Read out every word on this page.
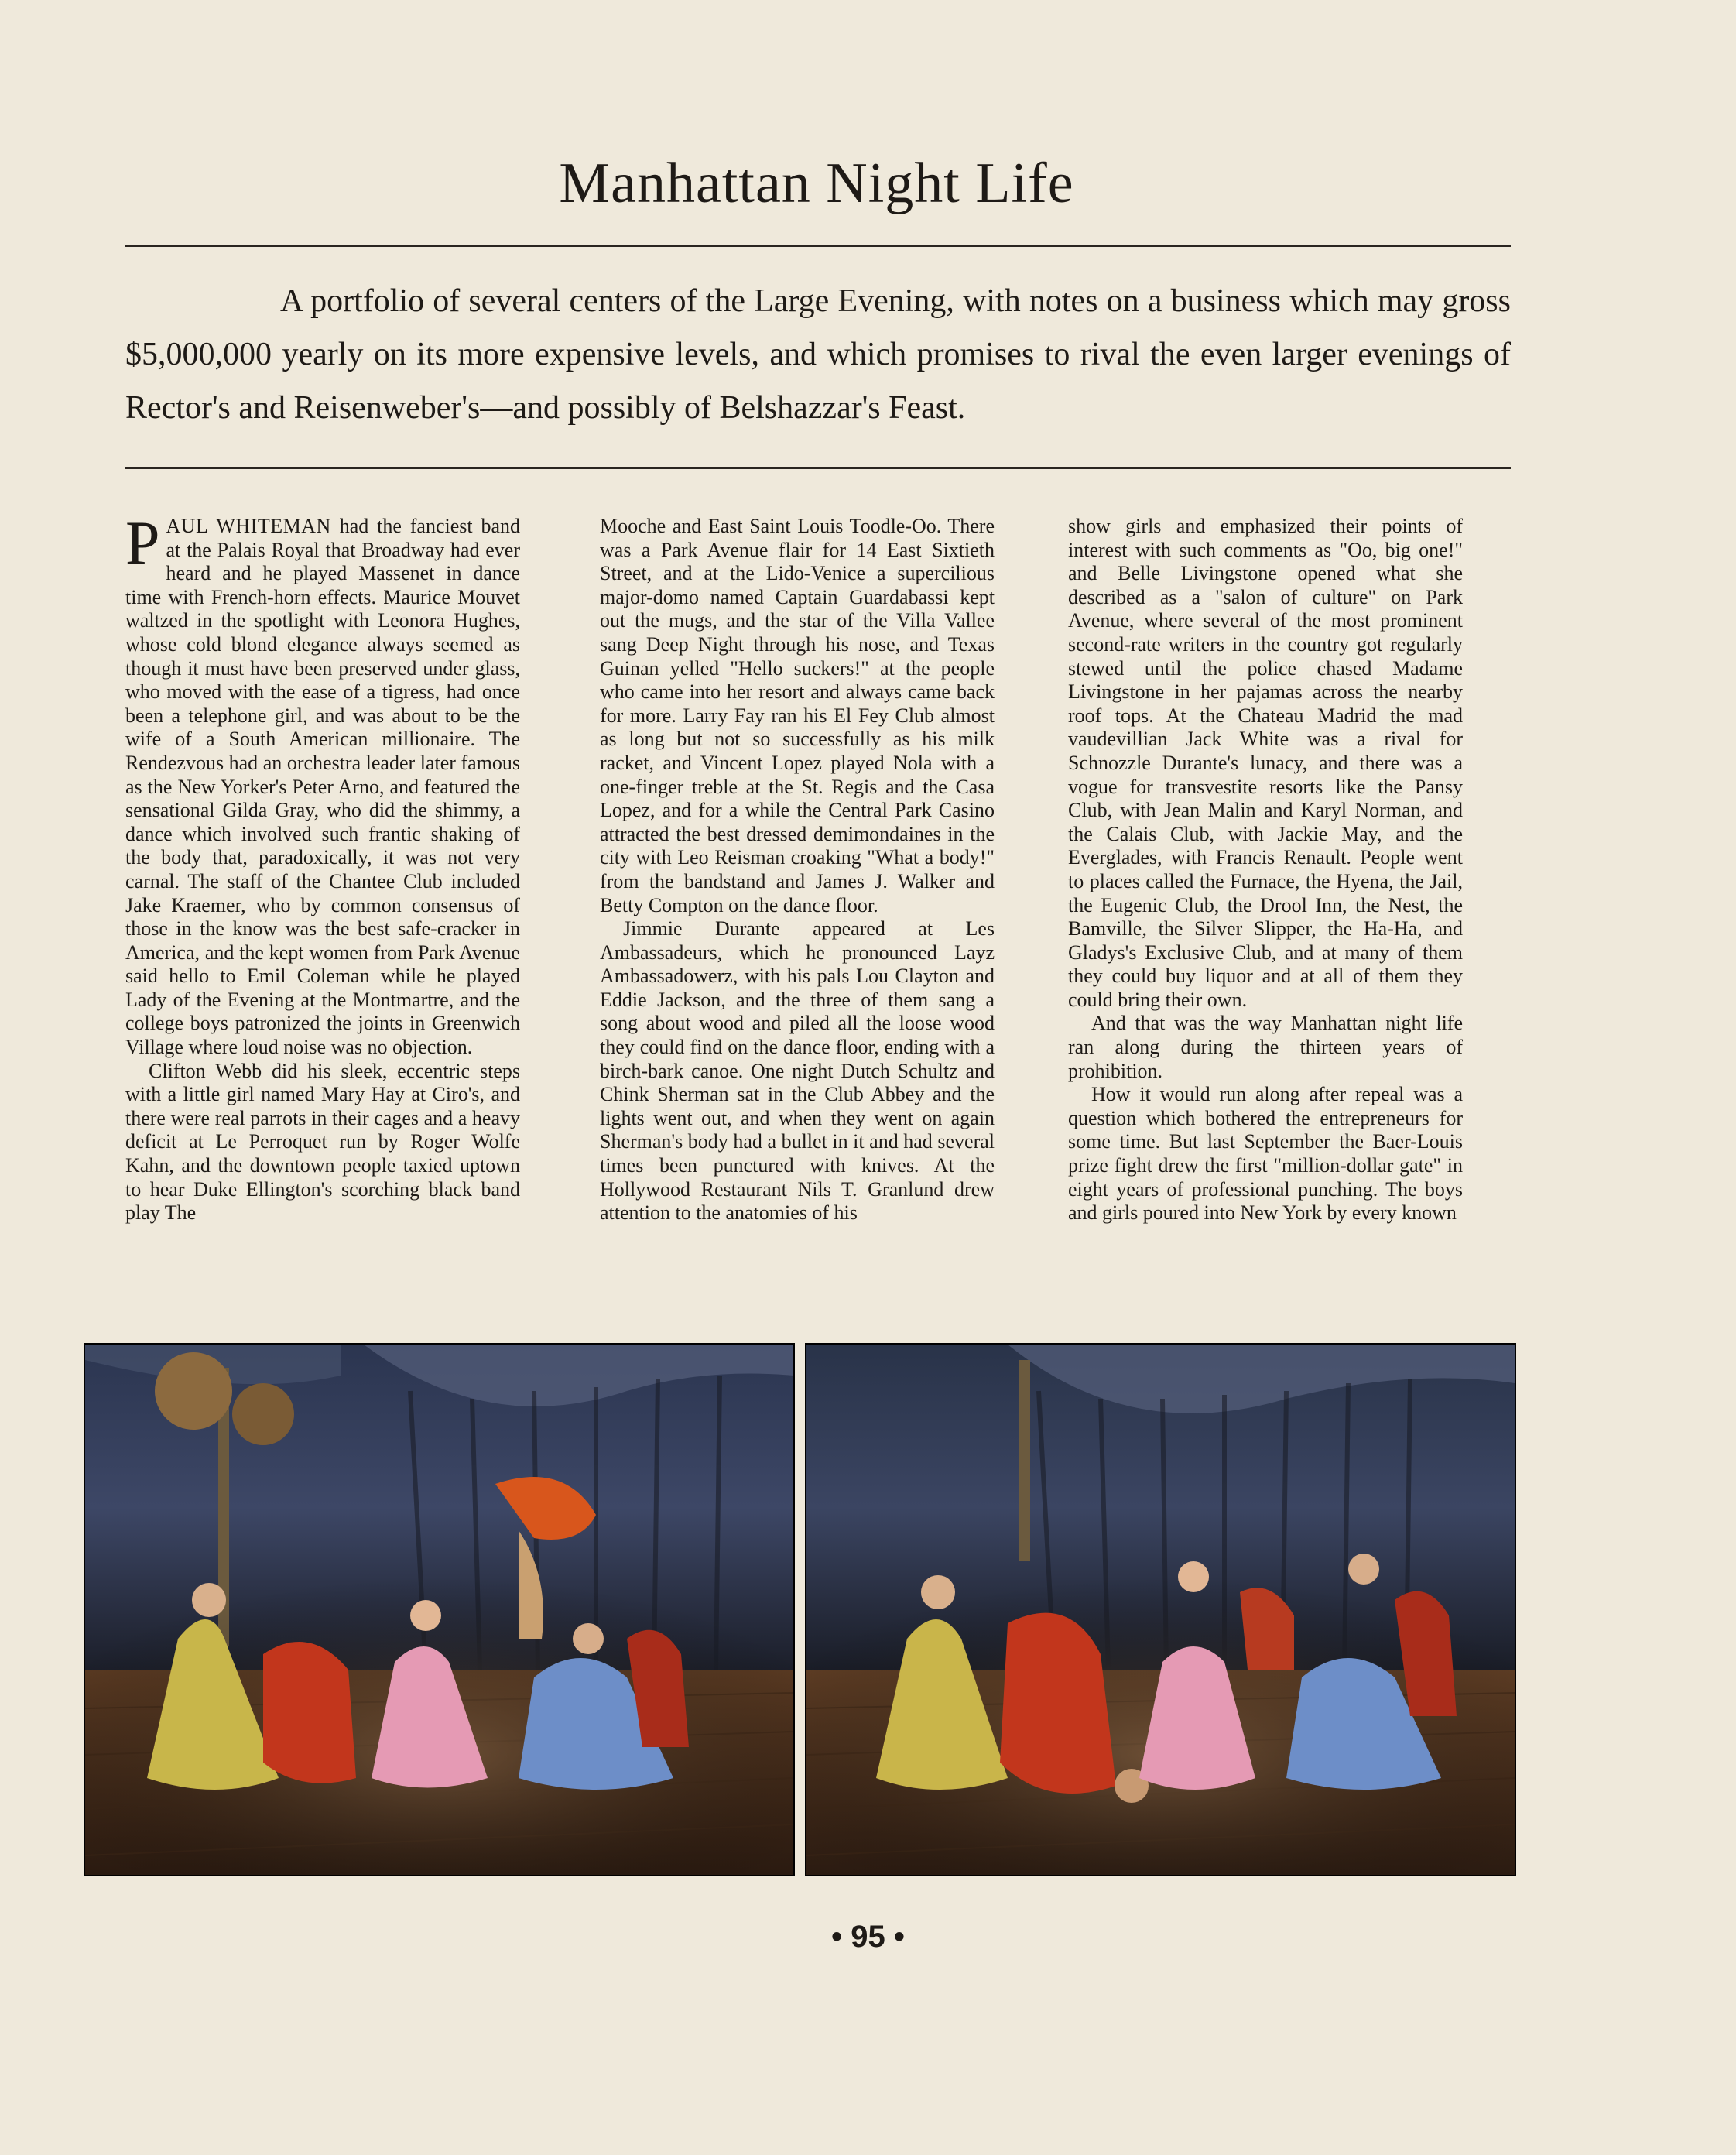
Manhattan Night Life

A portfolio of several centers of the Large Evening, with notes on a business which may gross $5,000,000 yearly on its more expensive levels, and which promises to rival the even larger evenings of Rector's and Reisenweber's—and possibly of Belshazzar's Feast.

PAUL WHITEMAN had the fanciest band at the Palais Royal that Broadway had ever heard and he played Massenet in dance time with French-horn effects. Maurice Mouvet waltzed in the spotlight with Leonora Hughes, whose cold blond elegance always seemed as though it must have been preserved under glass, who moved with the ease of a tigress, had once been a telephone girl, and was about to be the wife of a South American millionaire. The Rendezvous had an orchestra leader later famous as the New Yorker's Peter Arno, and featured the sensational Gilda Gray, who did the shimmy, a dance which involved such frantic shaking of the body that, paradoxically, it was not very carnal. The staff of the Chantee Club included Jake Kraemer, who by common consensus of those in the know was the best safe-cracker in America, and the kept women from Park Avenue said hello to Emil Coleman while he played Lady of the Evening at the Montmartre, and the college boys patronized the joints in Greenwich Village where loud noise was no objection.

Clifton Webb did his sleek, eccentric steps with a little girl named Mary Hay at Ciro's, and there were real parrots in their cages and a heavy deficit at Le Perroquet run by Roger Wolfe Kahn, and the downtown people taxied uptown to hear Duke Ellington's scorching black band play The

Mooche and East Saint Louis Toodle-Oo. There was a Park Avenue flair for 14 East Sixtieth Street, and at the Lido-Venice a supercilious major-domo named Captain Guardabassi kept out the mugs, and the star of the Villa Vallee sang Deep Night through his nose, and Texas Guinan yelled "Hello suckers!" at the people who came into her resort and always came back for more. Larry Fay ran his El Fey Club almost as long but not so successfully as his milk racket, and Vincent Lopez played Nola with a one-finger treble at the St. Regis and the Casa Lopez, and for a while the Central Park Casino attracted the best dressed demimondaines in the city with Leo Reisman croaking "What a body!" from the bandstand and James J. Walker and Betty Compton on the dance floor.

Jimmie Durante appeared at Les Ambassadeurs, which he pronounced Layz Ambassadowerz, with his pals Lou Clayton and Eddie Jackson, and the three of them sang a song about wood and piled all the loose wood they could find on the dance floor, ending with a birch-bark canoe. One night Dutch Schultz and Chink Sherman sat in the Club Abbey and the lights went out, and when they went on again Sherman's body had a bullet in it and had several times been punctured with knives. At the Hollywood Restaurant Nils T. Granlund drew attention to the anatomies of his

show girls and emphasized their points of interest with such comments as "Oo, big one!" and Belle Livingstone opened what she described as a "salon of culture" on Park Avenue, where several of the most prominent second-rate writers in the country got regularly stewed until the police chased Madame Livingstone in her pajamas across the nearby roof tops. At the Chateau Madrid the mad vaudevillian Jack White was a rival for Schnozzle Durante's lunacy, and there was a vogue for transvestite resorts like the Pansy Club, with Jean Malin and Karyl Norman, and the Calais Club, with Jackie May, and the Everglades, with Francis Renault. People went to places called the Furnace, the Hyena, the Jail, the Eugenic Club, the Drool Inn, the Nest, the Bamville, the Silver Slipper, the Ha-Ha, and Gladys's Exclusive Club, and at many of them they could buy liquor and at all of them they could bring their own.

And that was the way Manhattan night life ran along during the thirteen years of prohibition.

How it would run along after repeal was a question which bothered the entrepreneurs for some time. But last September the Baer-Louis prize fight drew the first "million-dollar gate" in eight years of professional punching. The boys and girls poured into New York by every known

• 95 •
